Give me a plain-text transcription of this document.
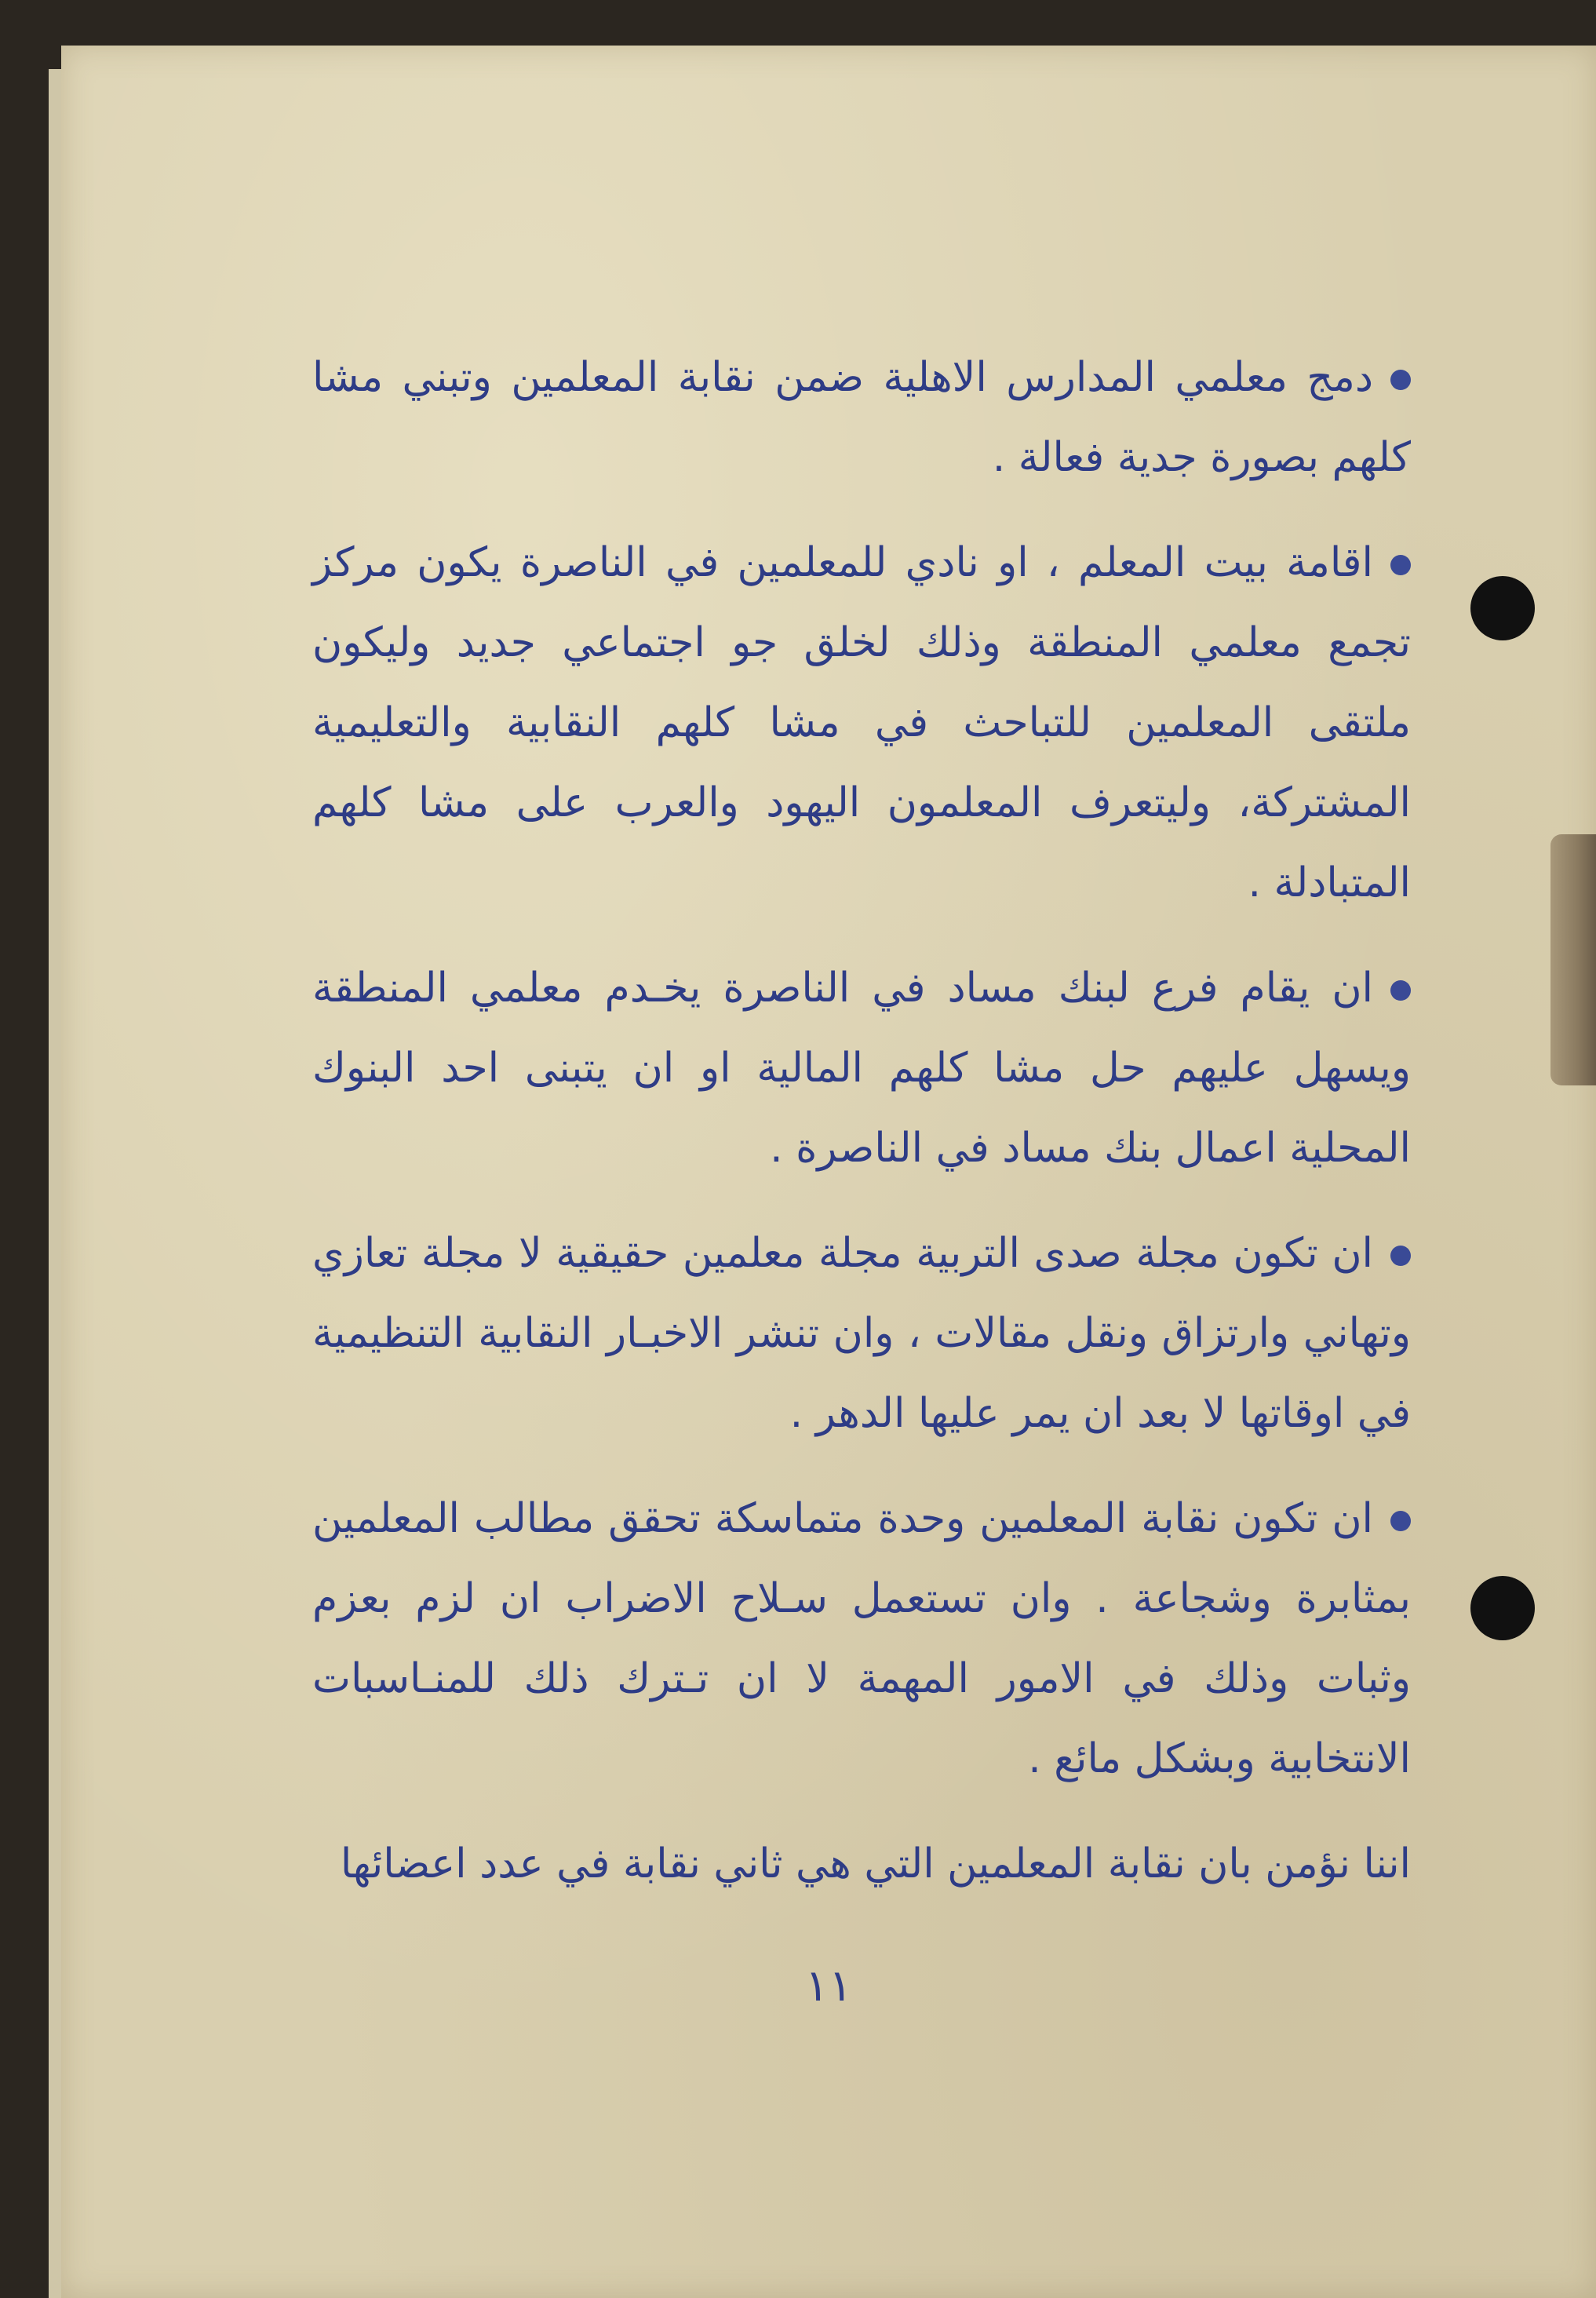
دمج معلمي المدارس الاهلية ضمن نقابة المعلمين وتبني مشا كلهم بصورة جدية فعالة .

اقامة بيت المعلم ، او نادي للمعلمين في الناصرة يكون مركز تجمع معلمي المنطقة وذلك لخلق جو اجتماعي جديد وليكون ملتقى المعلمين للتباحث في مشا كلهم النقابية والتعليمية المشتركة، وليتعرف المعلمون اليهود والعرب على مشا كلهم المتبادلة .

ان يقام فرع لبنك مساد في الناصرة يخـدم معلمي المنطقة ويسهل عليهم حل مشا كلهم المالية او ان يتبنى احد البنوك المحلية اعمال بنك مساد في الناصرة .

ان تكون مجلة صدى التربية مجلة معلمين حقيقية لا مجلة تعازي وتهاني وارتزاق ونقل مقالات ، وان تنشر الاخبـار النقابية التنظيمية في اوقاتها لا بعد ان يمر عليها الدهر .

ان تكون نقابة المعلمين وحدة متماسكة تحقق مطالب المعلمين بمثابرة وشجاعة . وان تستعمل سـلاح الاضراب ان لزم بعزم وثبات وذلك في الامور المهمة لا ان تـترك ذلك للمنـاسبات الانتخابية وبشكل مائع .

اننا نؤمن بان نقابة المعلمين التي هي ثاني نقابة في عدد اعضائها

١١
